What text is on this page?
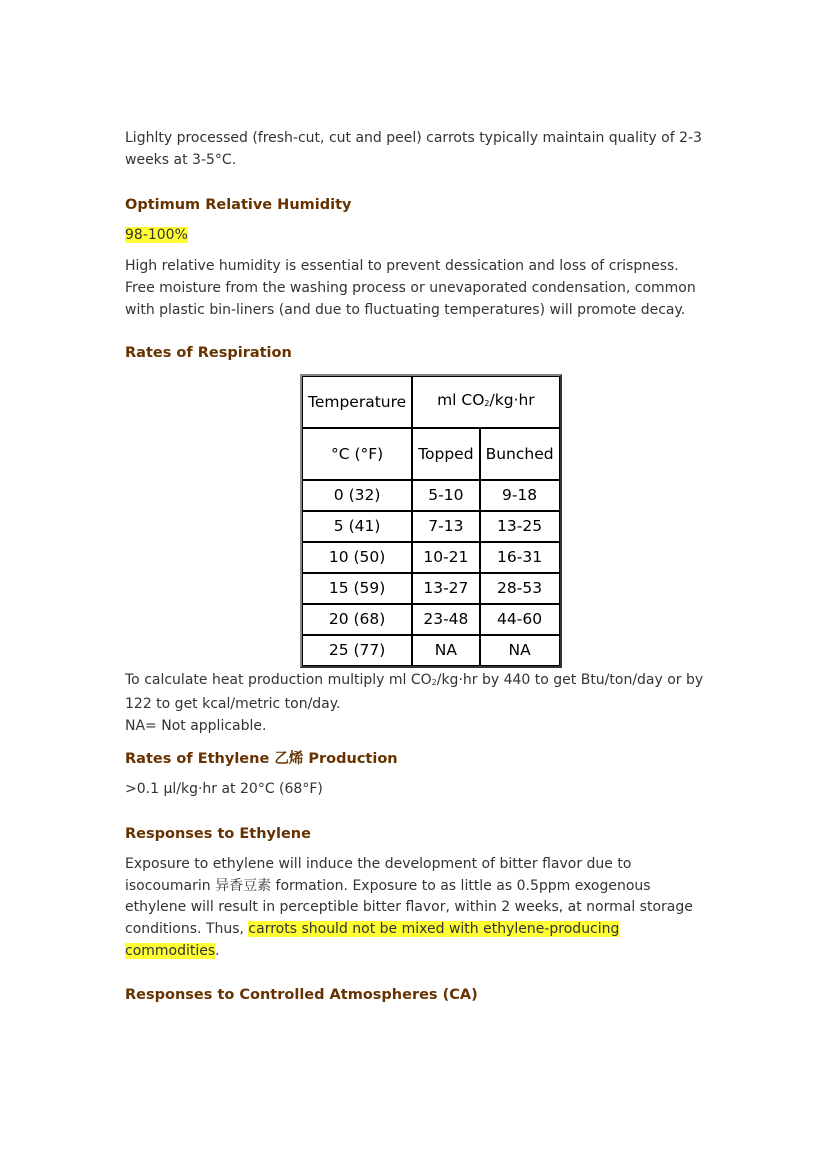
Lighlty processed (fresh-cut, cut and peel) carrots typically maintain quality of 2-3 weeks at 3-5°C.

Optimum Relative Humidity

98-100%

High relative humidity is essential to prevent dessication and loss of crispness. Free moisture from the washing process or unevaporated condensation, common with plastic bin-liners (and due to fluctuating temperatures) will promote decay.

Rates of Respiration
Temperature	ml CO2/kg·hr	
°C (°F)	Topped	Bunched
0 (32)	5-10	9-18
5 (41)	7-13	13-25
10 (50)	10-21	16-31
15 (59)	13-27	28-53
20 (68)	23-48	44-60
25 (77)	NA	NA

To calculate heat production multiply ml CO2/kg·hr by 440 to get Btu/ton/day or by 122 to get kcal/metric ton/day.
NA= Not applicable.

Rates of Ethylene 乙烯 Production

>0.1 µl/kg·hr at 20°C (68°F)

Responses to Ethylene

Exposure to ethylene will induce the development of bitter flavor due to isocoumarin 异香豆素 formation. Exposure to as little as 0.5ppm exogenous ethylene will result in perceptible bitter flavor, within 2 weeks, at normal storage conditions. Thus, carrots should not be mixed with ethylene-producing commodities.

Responses to Controlled Atmospheres (CA)
